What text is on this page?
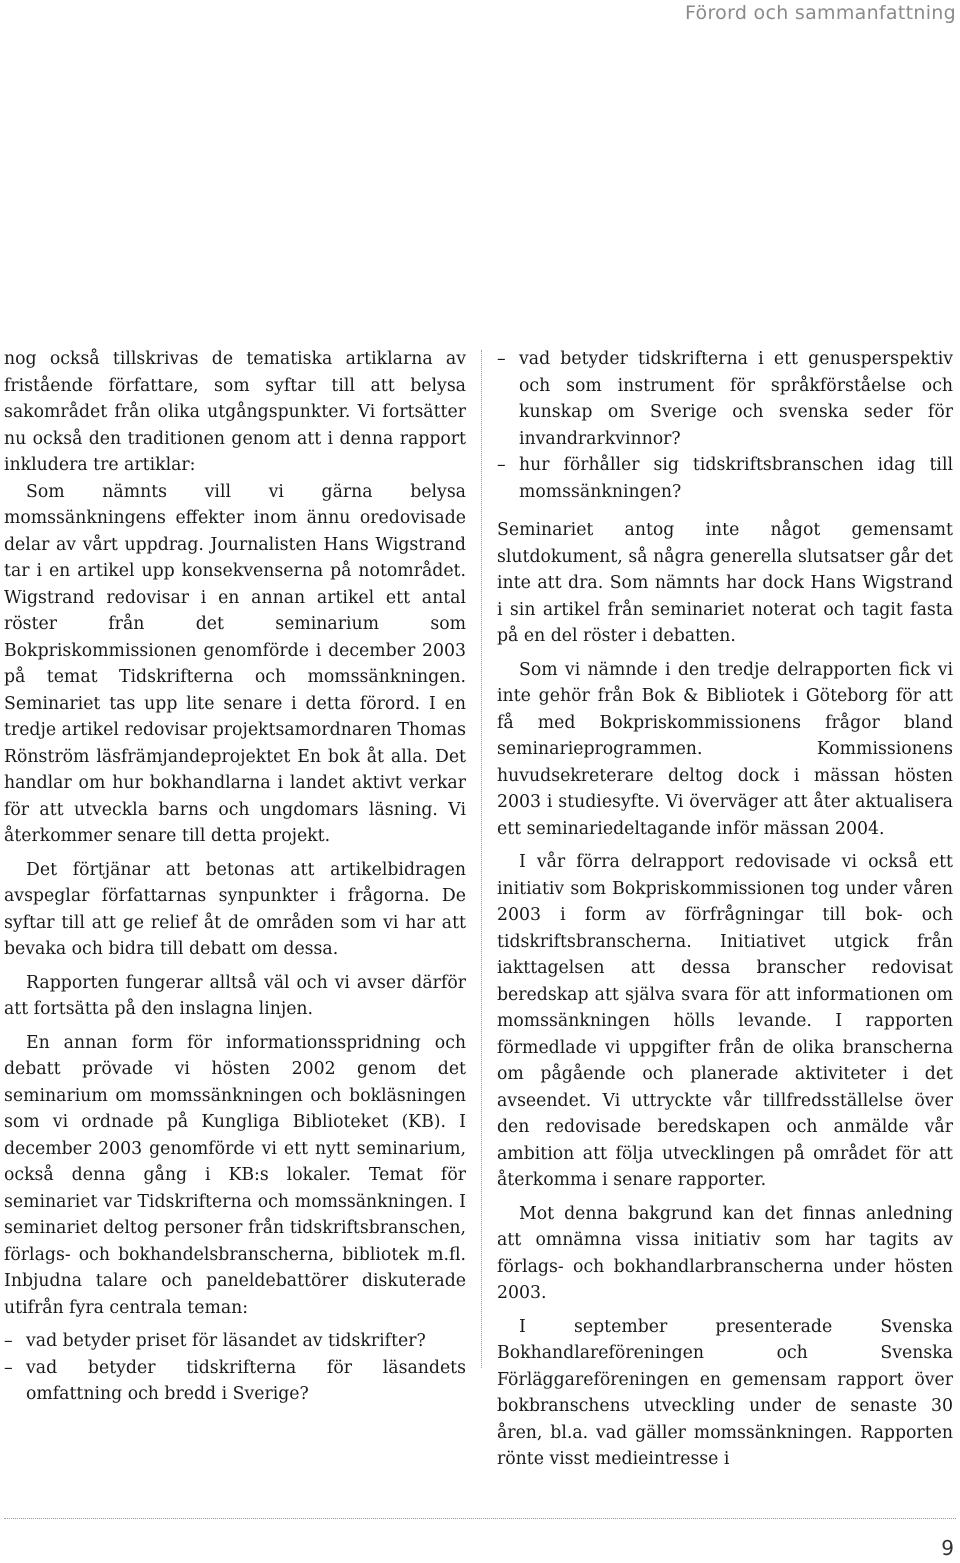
Förord och sammanfattning

nog också tillskrivas de tematiska artiklarna av fristående författare, som syftar till att belysa sakområdet från olika utgångspunkter. Vi fortsätter nu också den traditionen genom att i denna rapport inkludera tre artiklar:

Som nämnts vill vi gärna belysa momssänkningens effekter inom ännu oredovisade delar av vårt uppdrag. Journalisten Hans Wigstrand tar i en artikel upp konsekvenserna på notområdet. Wigstrand redovisar i en annan artikel ett antal röster från det seminarium som Bokpriskommissionen genomförde i december 2003 på temat Tidskrifterna och momssänkningen. Seminariet tas upp lite senare i detta förord. I en tredje artikel redovisar projektsamordnaren Thomas Rönström läsfrämjandeprojektet En bok åt alla. Det handlar om hur bokhandlarna i landet aktivt verkar för att utveckla barns och ungdomars läsning. Vi återkommer senare till detta projekt.

Det förtjänar att betonas att artikelbidragen avspeglar författarnas synpunkter i frågorna. De syftar till att ge relief åt de områden som vi har att bevaka och bidra till debatt om dessa.

Rapporten fungerar alltså väl och vi avser därför att fortsätta på den inslagna linjen.

En annan form för informationsspridning och debatt prövade vi hösten 2002 genom det seminarium om momssänkningen och bokläsningen som vi ordnade på Kungliga Biblioteket (KB). I december 2003 genomförde vi ett nytt seminarium, också denna gång i KB:s lokaler. Temat för seminariet var Tidskrifterna och momssänkningen. I seminariet deltog personer från tidskriftsbranschen, förlags- och bokhandelsbranscherna, bibliotek m.fl. Inbjudna talare och paneldebattörer diskuterade utifrån fyra centrala teman:

– vad betyder priset för läsandet av tidskrifter?
– vad betyder tidskrifterna för läsandets omfattning och bredd i Sverige?
– vad betyder tidskrifterna i ett genusperspektiv och som instrument för språkförståelse och kunskap om Sverige och svenska seder för invandrarkvinnor?
– hur förhåller sig tidskriftsbranschen idag till momssänkningen?

Seminariet antog inte något gemensamt slutdokument, så några generella slutsatser går det inte att dra. Som nämnts har dock Hans Wigstrand i sin artikel från seminariet noterat och tagit fasta på en del röster i debatten.

Som vi nämnde i den tredje delrapporten fick vi inte gehör från Bok & Bibliotek i Göteborg för att få med Bokpriskommissionens frågor bland seminarieprogrammen. Kommissionens huvudsekreterare deltog dock i mässan hösten 2003 i studiesyfte. Vi överväger att åter aktualisera ett seminariedeltagande inför mässan 2004.

I vår förra delrapport redovisade vi också ett initiativ som Bokpriskommissionen tog under våren 2003 i form av förfrågningar till bok- och tidskriftsbranscherna. Initiativet utgick från iakttagelsen att dessa branscher redovisat beredskap att själva svara för att informationen om momssänkningen hölls levande. I rapporten förmedlade vi uppgifter från de olika branscherna om pågående och planerade aktiviteter i det avseendet. Vi uttryckte vår tillfredsställelse över den redovisade beredskapen och anmälde vår ambition att följa utvecklingen på området för att återkomma i senare rapporter.

Mot denna bakgrund kan det finnas anledning att omnämna vissa initiativ som har tagits av förlags- och bokhandlarbranscherna under hösten 2003.

I september presenterade Svenska Bokhandlareföreningen och Svenska Förläggareföreningen en gemensam rapport över bokbranschens utveckling under de senaste 30 åren, bl.a. vad gäller momssänkningen. Rapporten rönte visst medieintresse i

9
